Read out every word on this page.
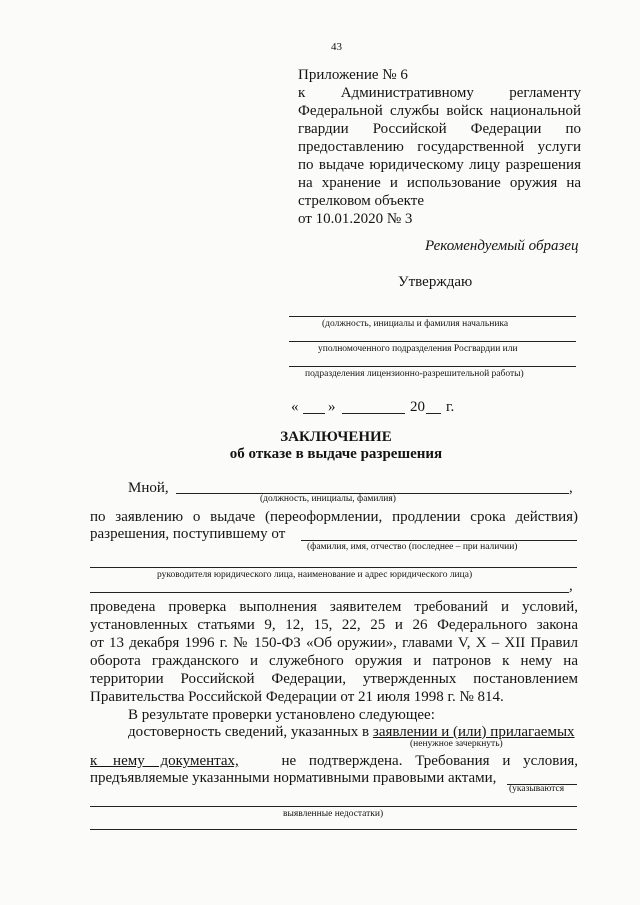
43
Приложение № 6
к Административному регламенту
Федеральной службы войск национальной
гвардии Российской Федерации по
предоставлению государственной услуги
по выдаче юридическому лицу разрешения
на хранение и использование оружия на
стрелковом объекте
от 10.01.2020 № 3
Рекомендуемый образец
Утверждаю
(должность, инициалы и фамилия начальника
уполномоченного подразделения Росгвардии или
подразделения лицензионно-разрешительной работы)
« »	20 г.
ЗАКЛЮЧЕНИЕ
об отказе в выдаче разрешения
Мной,	,
(должность, инициалы, фамилия)
по заявлению о выдаче (переоформлении, продлении срока действия)
разрешения, поступившему от
(фамилия, имя, отчество (последнее – при наличии)
руководителя юридического лица, наименование и адрес юридического лица)
,
проведена проверка выполнения заявителем требований и условий,
установленных статьями 9, 12, 15, 22, 25 и 26 Федерального закона
от 13 декабря 1996 г. № 150-ФЗ «Об оружии», главами V, X – XII Правил
оборота гражданского и служебного оружия и патронов к нему на
территории Российской Федерации, утвержденных постановлением
Правительства Российской Федерации от 21 июля 1998 г. № 814.
В результате проверки установлено следующее:
достоверность сведений, указанных в заявлении и (или) прилагаемых
(ненужное зачеркнуть)
к нему документах,	не подтверждена. Требования и условия,
предъявляемые указанными нормативными правовыми актами,
(указываются
выявленные недостатки)
